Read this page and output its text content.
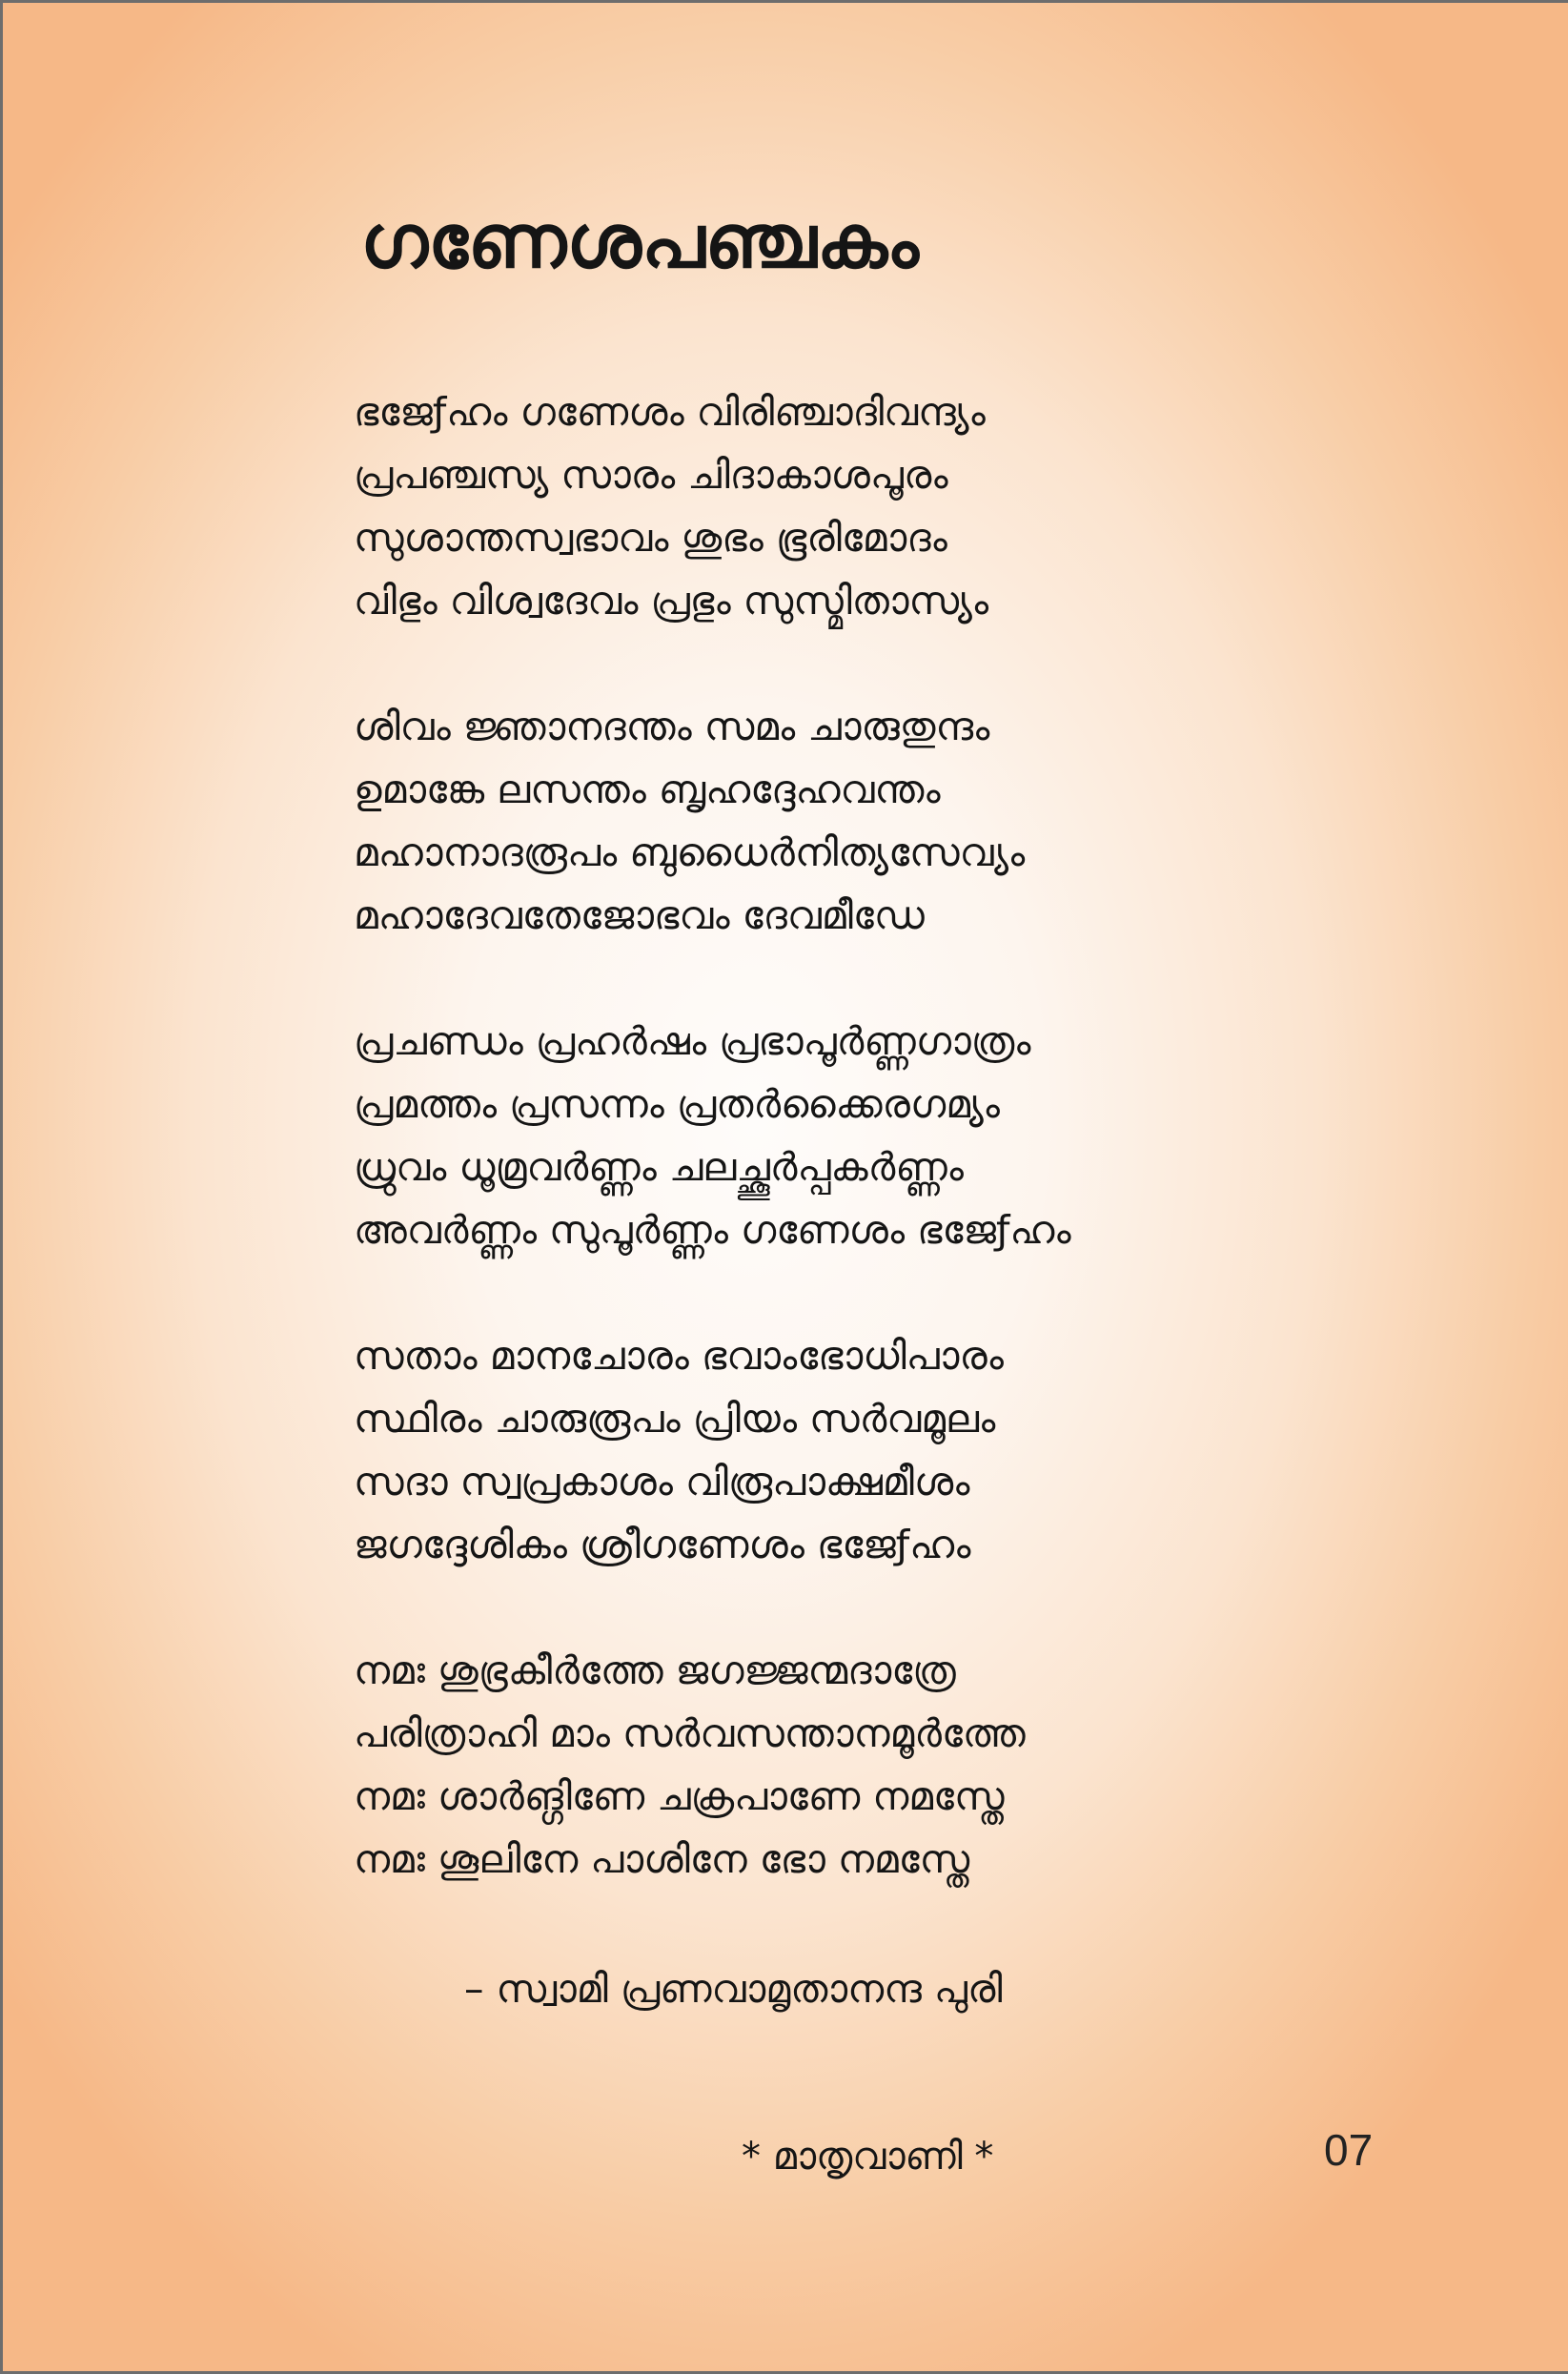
ഗണേശപഞ്ചകം
ഭജേƒഹം ഗണേശം വിരിഞ്ചാദിവന്ദ്യം
പ്രപഞ്ചസ്യ സാരം ചിദാകാശപൂരം
സുശാന്തസ്വഭാവം ശുഭം ഭൂരിമോദം
വിഭും വിശ്വദേവം പ്രഭും സുസ്മിതാസ്യം
ശിവം ജ്ഞാനദന്തം സമം ചാരുതുന്ദം
ഉമാങ്കേ ലസന്തം ബൃഹദ്ദേഹവന്തം
മഹാനാദരൂപം ബുധൈർനിത്യസേവ്യം
മഹാദേവതേജോഭവം ദേവമീഡേ
പ്രചണ്ഡം പ്രഹർഷം പ്രഭാപൂർണ്ണഗാത്രം
പ്രമത്തം പ്രസന്നം പ്രതർക്കൈരഗമ്യം
ധ്രുവം ധൂമ്രവർണ്ണം ചലച്ഛൂർപ്പകർണ്ണം
അവർണ്ണം സുപൂർണ്ണം ഗണേശം ഭജേƒഹം
സതാം മാനചോരം ഭവാംഭോധിപാരം
സ്ഥിരം ചാരുരൂപം പ്രിയം സർവമൂലം
സദാ സ്വപ്രകാശം വിരൂപാക്ഷമീശം
ജഗദ്ദേശികം ശ്രീഗണേശം ഭജേƒഹം
നമഃ ശുഭ്രകീർത്തേ ജഗജ്ജന്മദാത്രേ
പരിത്രാഹി മാം സർവസന്താനമൂർത്തേ
നമഃ ശാർങ്ഗിണേ ചക്രപാണേ നമസ്തേ
നമഃ ശൂലിനേ പാശിനേ ഭോ നമസ്തേ
– സ്വാമി പ്രണവാമൃതാനന്ദ പുരി
* മാതൃവാണി *	07
